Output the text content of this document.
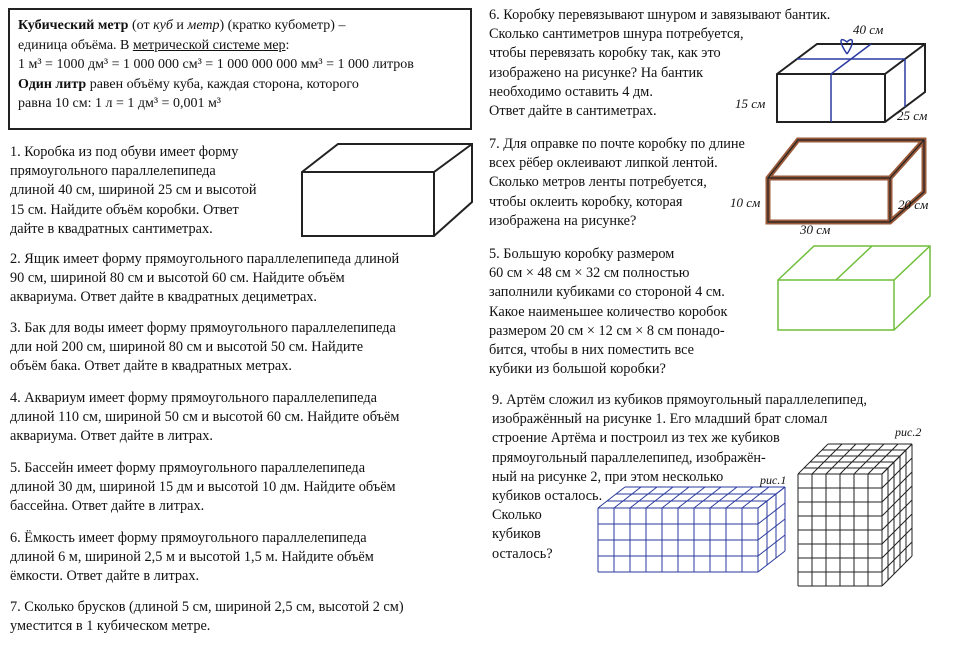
Кубический метр (от куб и метр) (кратко кубометр) –
единица объёма. В метрической системе мер:
1 м³ = 1000 дм³ = 1 000 000 см³ = 1 000 000 000 мм³ = 1 000 литров
Один литр равен объёму куба, каждая сторона, которого
равна 10 см: 1 л = 1 дм³ = 0,001 м³
1. Коробка из под обуви имеет форму
прямоугольного параллелепипеда
длиной 40 см, шириной 25 см и высотой
15 см. Найдите объём коробки. Ответ
дайте в квадратных сантиметрах.
2. Ящик имеет форму прямоугольного параллелепипеда длиной
90 см, шириной 80 см и высотой 60 см. Найдите объём
аквариума. Ответ дайте в квадратных дециметрах.
3. Бак для воды имеет форму прямоугольного параллелепипеда
дли ной 200 см, шириной 80 см и высотой 50 см. Найдите
объём бака. Ответ дайте в квадратных метрах.
4. Аквариум имеет форму прямоугольного параллелепипеда
длиной 110 см, шириной 50 см и высотой 60 см. Найдите объём
аквариума. Ответ дайте в литрах.
5. Бассейн имеет форму прямоугольного параллелепипеда
длиной 30 дм, шириной 15 дм и высотой 10 дм. Найдите объём
бассейна. Ответ дайте в литрах.
6. Ёмкость имеет форму прямоугольного параллелепипеда
длиной 6 м, шириной 2,5 м и высотой 1,5 м. Найдите объём
ёмкости. Ответ дайте в литрах.
7. Сколько брусков (длиной 5 см, шириной 2,5 см, высотой 2 см)
уместится в 1 кубическом метре.
6. Коробку перевязывают шнуром и завязывают бантик.
Сколько сантиметров шнура потребуется,
чтобы перевязать коробку так, как это
изображено на рисунке? На бантик
необходимо оставить 4 дм.
Ответ дайте в сантиметрах.
7. Для оправке по почте коробку по длине
всех рёбер оклеивают липкой лентой.
Сколько метров ленты потребуется,
чтобы оклеить коробку, которая
изображена на рисунке?
5. Большую коробку размером
60 см × 48 см × 32 см полностью
заполнили кубиками со стороной 4 см.
Какое наименьшее количество коробок
размером 20 см × 12 см × 8 см понадо-
бится, чтобы в них поместить все
кубики из большой коробки?
9. Артём сложил из кубиков прямоугольный параллелепипед,
изображённый на рисунке 1. Его младший брат сломал
строение Артёма и построил из тех же кубиков
прямоугольный параллелепипед, изображён-
ный на рисунке 2, при этом несколько
кубиков осталось.
Сколько
кубиков
осталось?
40 см
15 см
25 см
10 см	20 см
30 см
рис.1
рис.2
